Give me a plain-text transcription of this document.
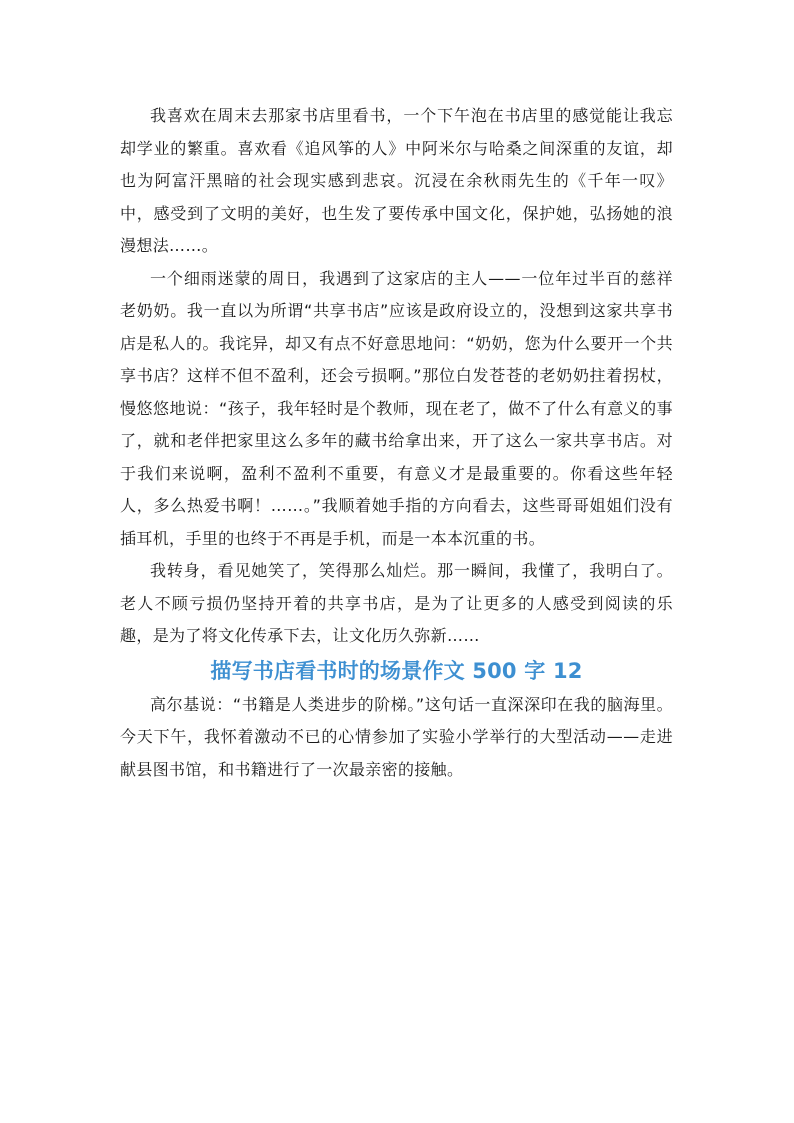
我喜欢在周末去那家书店里看书，一个下午泡在书店里的感觉能让我忘却学业的繁重。喜欢看《追风筝的人》中阿米尔与哈桑之间深重的友谊，却也为阿富汗黑暗的社会现实感到悲哀。沉浸在余秋雨先生的《千年一叹》中，感受到了文明的美好，也生发了要传承中国文化，保护她，弘扬她的浪漫想法……。

一个细雨迷蒙的周日，我遇到了这家店的主人——一位年过半百的慈祥老奶奶。我一直以为所谓“共享书店”应该是政府设立的，没想到这家共享书店是私人的。我诧异，却又有点不好意思地问：“奶奶，您为什么要开一个共享书店？这样不但不盈利，还会亏损啊。”那位白发苍苍的老奶奶拄着拐杖，慢悠悠地说：“孩子，我年轻时是个教师，现在老了，做不了什么有意义的事了，就和老伴把家里这么多年的藏书给拿出来，开了这么一家共享书店。对于我们来说啊，盈利不盈利不重要，有意义才是最重要的。你看这些年轻人，多么热爱书啊！……。”我顺着她手指的方向看去，这些哥哥姐姐们没有插耳机，手里的也终于不再是手机，而是一本本沉重的书。

我转身，看见她笑了，笑得那么灿烂。那一瞬间，我懂了，我明白了。老人不顾亏损仍坚持开着的共享书店，是为了让更多的人感受到阅读的乐趣，是为了将文化传承下去，让文化历久弥新……

描写书店看书时的场景作文 500 字 12

高尔基说：“书籍是人类进步的阶梯。”这句话一直深深印在我的脑海里。今天下午，我怀着激动不已的心情参加了实验小学举行的大型活动——走进献县图书馆，和书籍进行了一次最亲密的接触。
